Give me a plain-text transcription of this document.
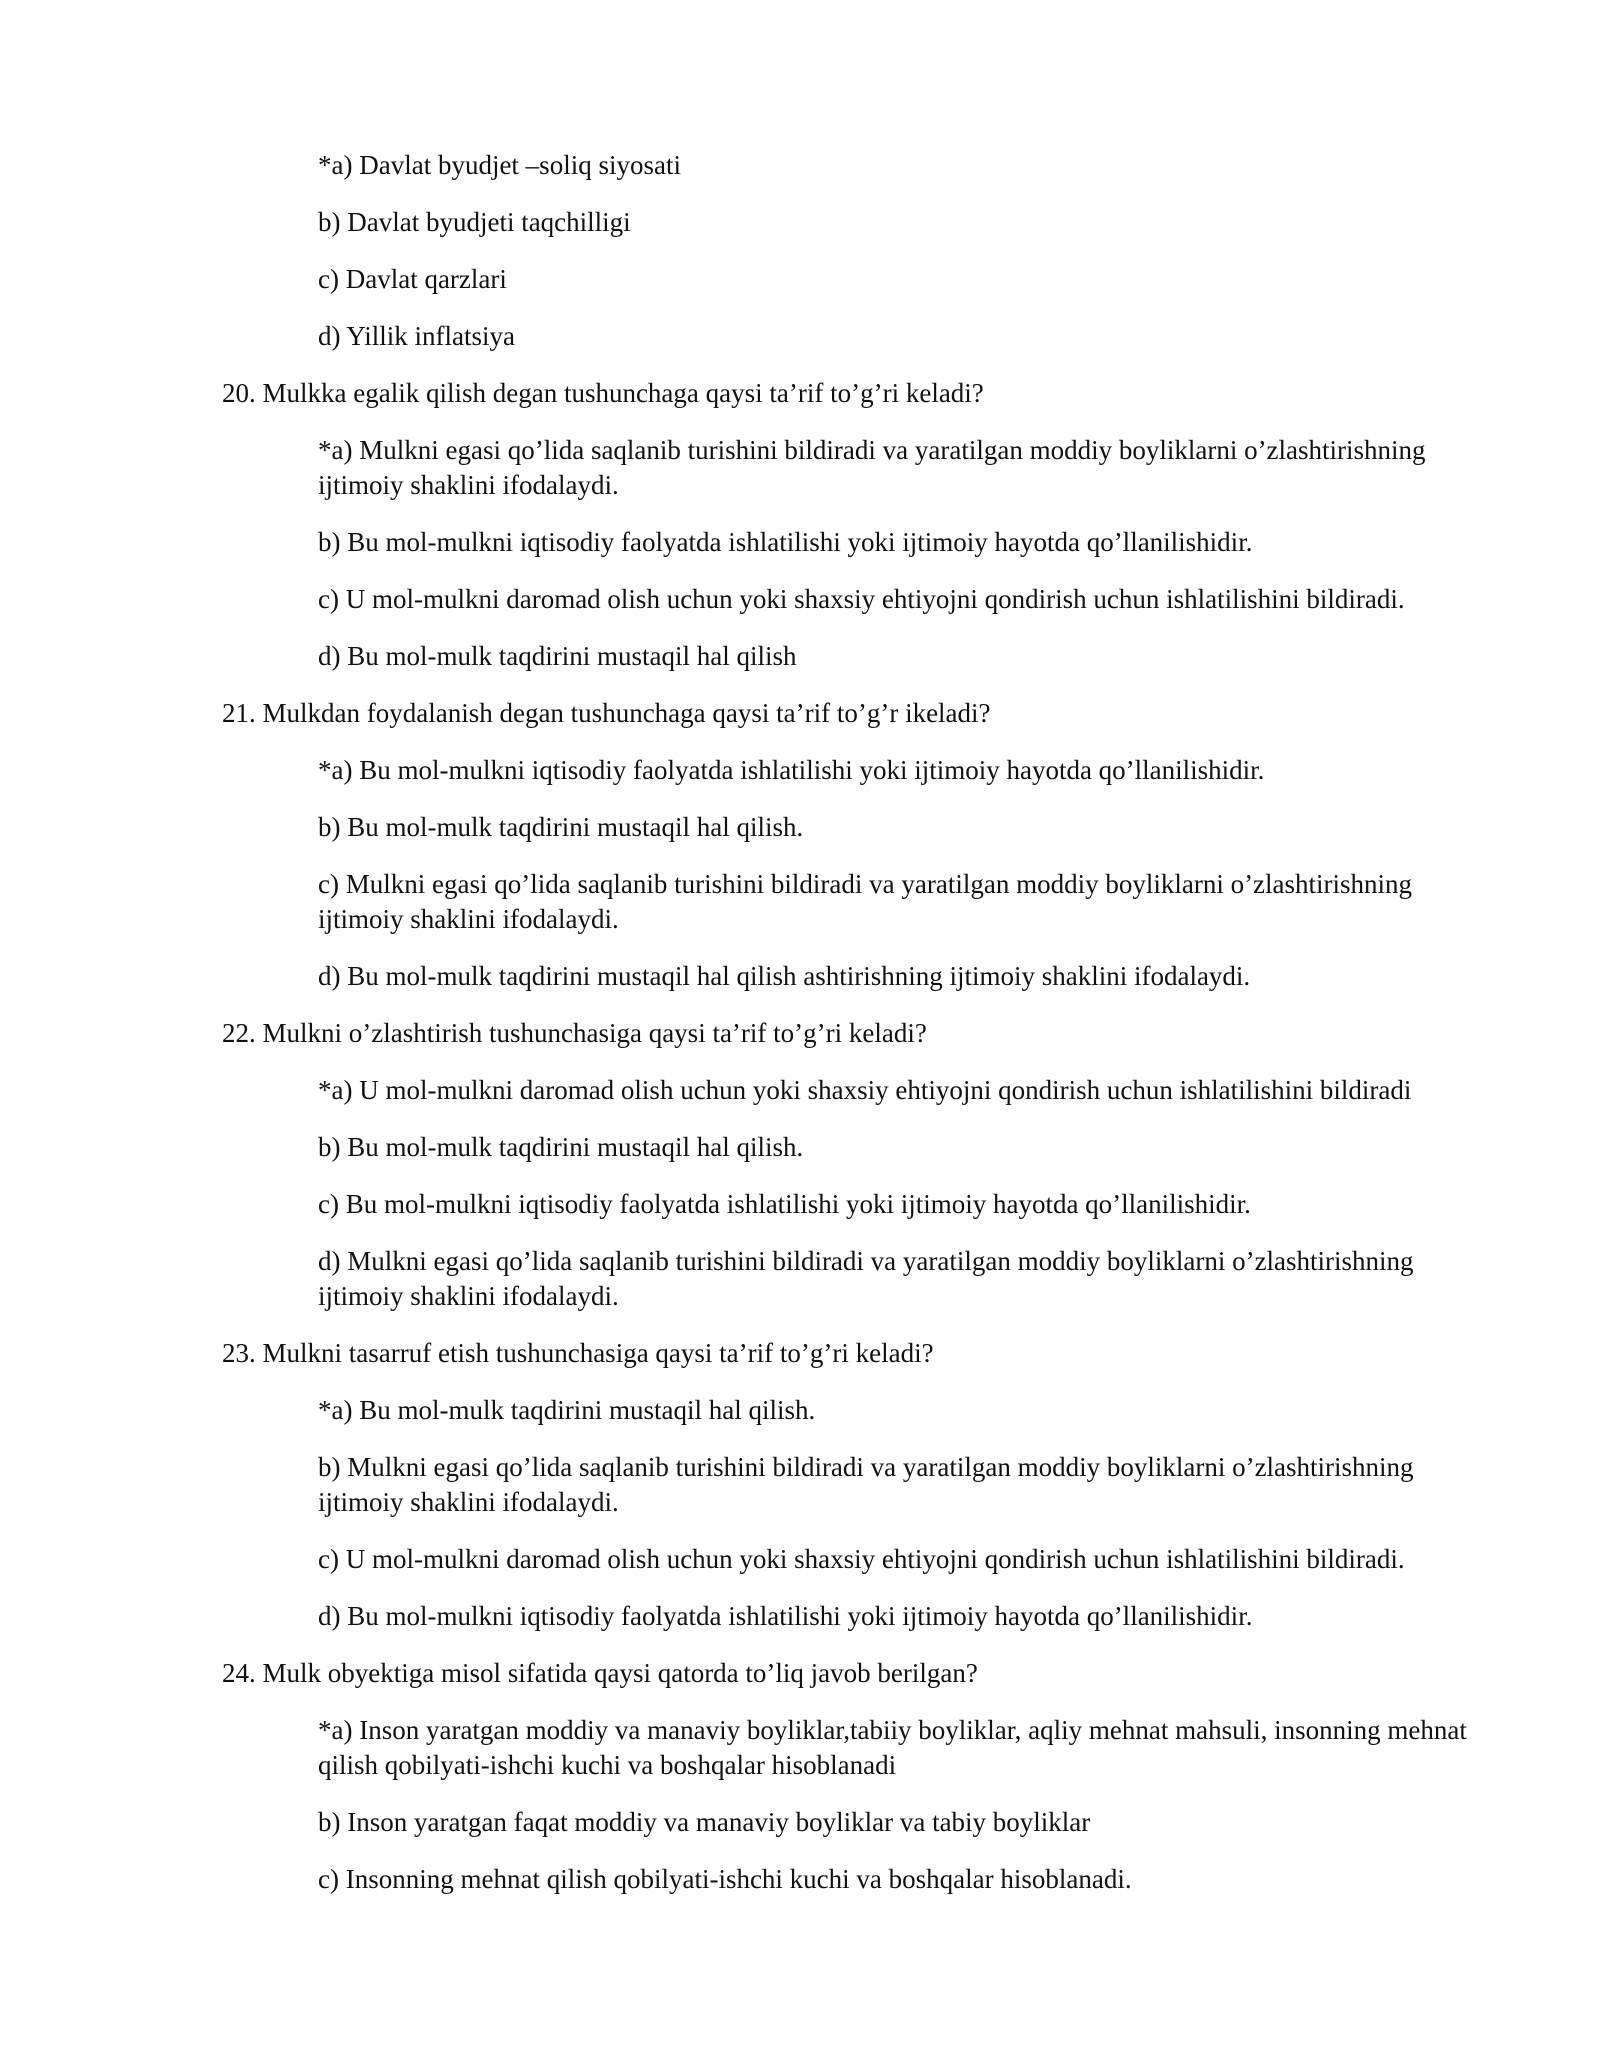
*a) Davlat byudjet –soliq siyosati
b) Davlat byudjeti taqchilligi
c) Davlat qarzlari
d) Yillik inflatsiya
20. Mulkka egalik qilish degan tushunchaga qaysi ta’rif to’g’ri keladi?
*a) Mulkni egasi qo’lida saqlanib turishini bildiradi va yaratilgan moddiy boyliklarni o’zlashtirishning ijtimoiy shaklini ifodalaydi.
b) Bu mol-mulkni iqtisodiy faolyatda ishlatilishi yoki ijtimoiy hayotda qo’llanilishidir.
c) U mol-mulkni daromad olish uchun yoki shaxsiy ehtiyojni qondirish uchun ishlatilishini bildiradi.
d) Bu mol-mulk taqdirini mustaqil hal qilish
21. Mulkdan foydalanish degan tushunchaga qaysi ta’rif to’g’r ikeladi?
*a) Bu mol-mulkni iqtisodiy faolyatda ishlatilishi yoki ijtimoiy hayotda qo’llanilishidir.
b) Bu mol-mulk taqdirini mustaqil hal qilish.
c) Mulkni egasi qo’lida saqlanib turishini bildiradi va yaratilgan moddiy boyliklarni o’zlashtirishning ijtimoiy shaklini ifodalaydi.
d) Bu mol-mulk taqdirini mustaqil hal qilish ashtirishning ijtimoiy shaklini ifodalaydi.
22. Mulkni o’zlashtirish tushunchasiga qaysi ta’rif to’g’ri keladi?
*a) U mol-mulkni daromad olish uchun yoki shaxsiy ehtiyojni qondirish uchun ishlatilishini bildiradi
b) Bu mol-mulk taqdirini mustaqil hal qilish.
c) Bu mol-mulkni iqtisodiy faolyatda ishlatilishi yoki ijtimoiy hayotda qo’llanilishidir.
d) Mulkni egasi qo’lida saqlanib turishini bildiradi va yaratilgan moddiy boyliklarni o’zlashtirishning ijtimoiy shaklini ifodalaydi.
23. Mulkni tasarruf etish tushunchasiga qaysi ta’rif to’g’ri keladi?
*a) Bu mol-mulk taqdirini mustaqil hal qilish.
b) Mulkni egasi qo’lida saqlanib turishini bildiradi va yaratilgan moddiy boyliklarni o’zlashtirishning ijtimoiy shaklini ifodalaydi.
c) U mol-mulkni daromad olish uchun yoki shaxsiy ehtiyojni qondirish uchun ishlatilishini bildiradi.
d) Bu mol-mulkni iqtisodiy faolyatda ishlatilishi yoki ijtimoiy hayotda qo’llanilishidir.
24. Mulk obyektiga misol sifatida qaysi qatorda to’liq javob berilgan?
*a) Inson yaratgan moddiy va manaviy boyliklar,tabiiy boyliklar, aqliy mehnat mahsuli, insonning mehnat qilish qobilyati-ishchi kuchi va boshqalar hisoblanadi
b) Inson yaratgan faqat moddiy va manaviy boyliklar va tabiy boyliklar
c) Insonning mehnat qilish qobilyati-ishchi kuchi va boshqalar hisoblanadi.
